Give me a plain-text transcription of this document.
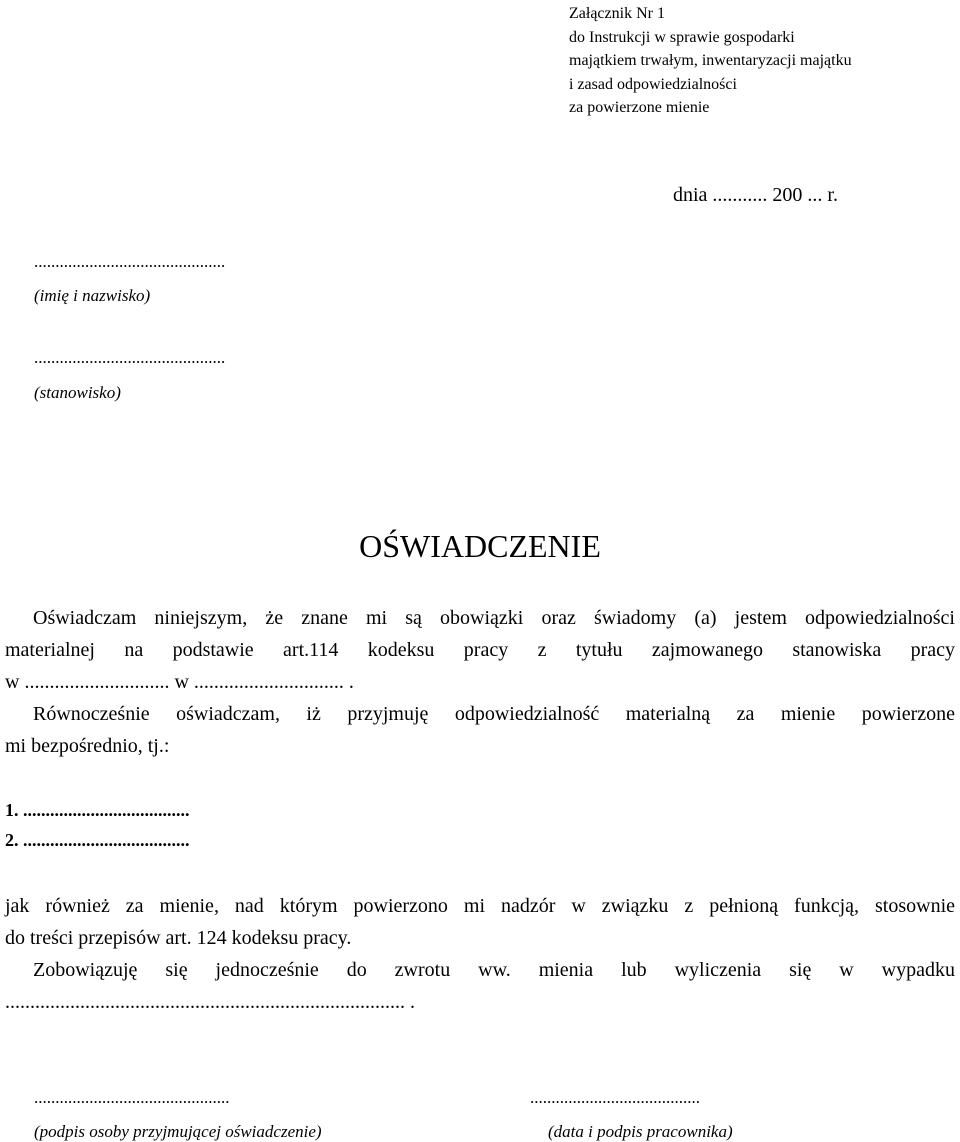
Załącznik Nr 1
do Instrukcji w sprawie gospodarki
majątkiem trwałym, inwentaryzacji majątku
i zasad odpowiedzialności
za powierzone mienie
dnia ........... 200 ... r.
.............................................
(imię i nazwisko)
.............................................
(stanowisko)
OŚWIADCZENIE
Oświadczam niniejszym, że znane mi są obowiązki oraz świadomy (a) jestem odpowiedzialności
materialnej na podstawie art.114 kodeksu pracy z tytułu zajmowanego stanowiska pracy
w ............................. w .............................. .
Równocześnie oświadczam, iż przyjmuję odpowiedzialność materialną za mienie powierzone
mi bezpośrednio, tj.:
1. .....................................
2. .....................................
jak również za mienie, nad którym powierzono mi nadzór w związku z pełnioną funkcją, stosownie
do treści przepisów art. 124 kodeksu pracy.
Zobowiązuję się jednocześnie do zwrotu ww. mienia lub wyliczenia się w wypadku
................................................................................ .
..............................................
(podpis osoby przyjmującej oświadczenie)
........................................
(data i podpis pracownika)
